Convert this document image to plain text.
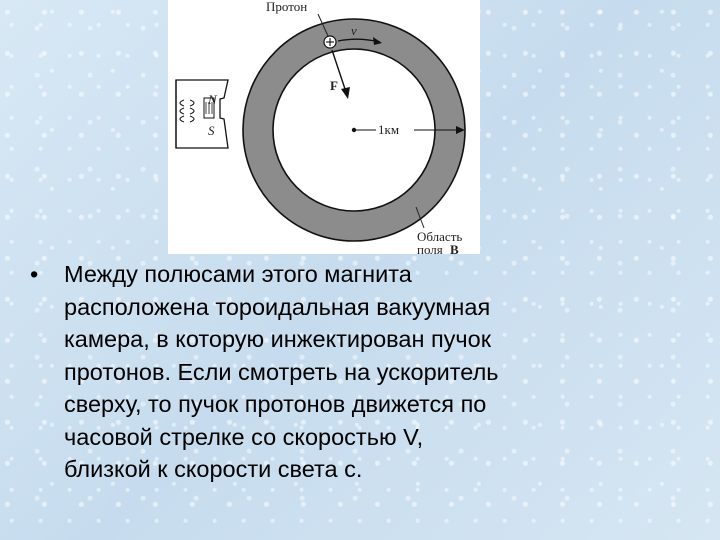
Протон
v
F
1км
Область
поля B
N
S
•	Между полюсами этого магнита
расположена тороидальная вакуумная
камера, в которую инжектирован пучок
протонов. Если смотреть на ускоритель
сверху, то пучок протонов движется по
часовой стрелке со скоростью V,
близкой к скорости света c.
